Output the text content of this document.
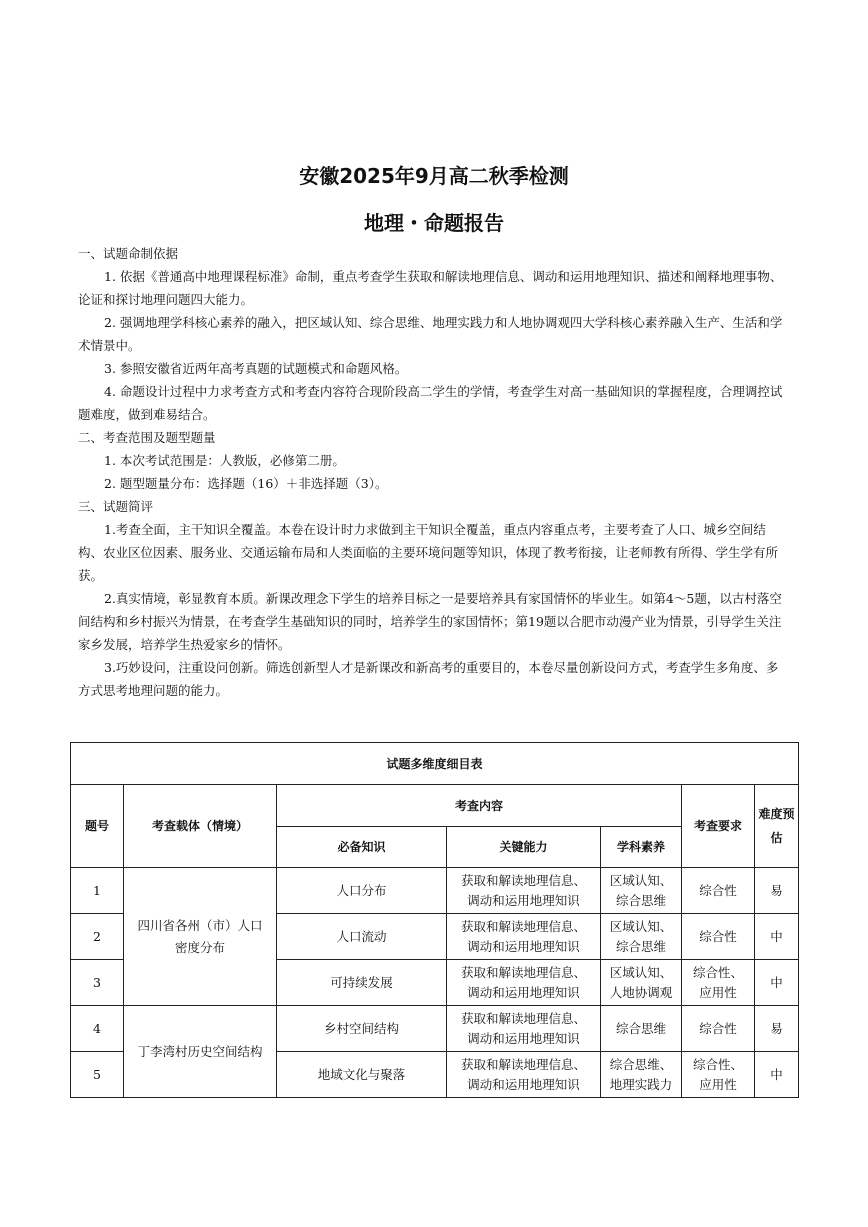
安徽2025年9月高二秋季检测
地理・命题报告

一、试题命制依据

1. 依据《普通高中地理课程标准》命制，重点考查学生获取和解读地理信息、调动和运用地理知识、描述和阐释地理事物、论证和探讨地理问题四大能力。

2. 强调地理学科核心素养的融入，把区域认知、综合思维、地理实践力和人地协调观四大学科核心素养融入生产、生活和学术情景中。

3. 参照安徽省近两年高考真题的试题模式和命题风格。

4. 命题设计过程中力求考查方式和考查内容符合现阶段高二学生的学情，考查学生对高一基础知识的掌握程度，合理调控试题难度，做到难易结合。

二、考查范围及题型题量

1. 本次考试范围是：人教版，必修第二册。

2. 题型题量分布：选择题（16）＋非选择题（3）。

三、试题简评

1.考查全面，主干知识全覆盖。本卷在设计时力求做到主干知识全覆盖，重点内容重点考，主要考查了人口、城乡空间结构、农业区位因素、服务业、交通运输布局和人类面临的主要环境问题等知识，体现了教考衔接，让老师教有所得、学生学有所获。

2.真实情境，彰显教育本质。新课改理念下学生的培养目标之一是要培养具有家国情怀的毕业生。如第4～5题，以古村落空间结构和乡村振兴为情景，在考查学生基础知识的同时，培养学生的家国情怀；第19题以合肥市动漫产业为情景，引导学生关注家乡发展，培养学生热爱家乡的情怀。

3.巧妙设问，注重设问创新。筛选创新型人才是新课改和新高考的重要目的，本卷尽量创新设问方式，考查学生多角度、多方式思考地理问题的能力。

试题多维度细目表						
题号	考查载体（情境）	考查内容			考查要求	难度预估
		必备知识	关键能力	学科素养		
1	四川省各州（市）人口密度分布	人口分布	获取和解读地理信息、调动和运用地理知识	区域认知、综合思维	综合性	易
2		人口流动	获取和解读地理信息、调动和运用地理知识	区域认知、综合思维	综合性	中
3		可持续发展	获取和解读地理信息、调动和运用地理知识	区域认知、人地协调观	综合性、应用性	中
4	丁李湾村历史空间结构	乡村空间结构	获取和解读地理信息、调动和运用地理知识	综合思维	综合性	易
5		地域文化与聚落	获取和解读地理信息、调动和运用地理知识	综合思维、地理实践力	综合性、应用性	中
